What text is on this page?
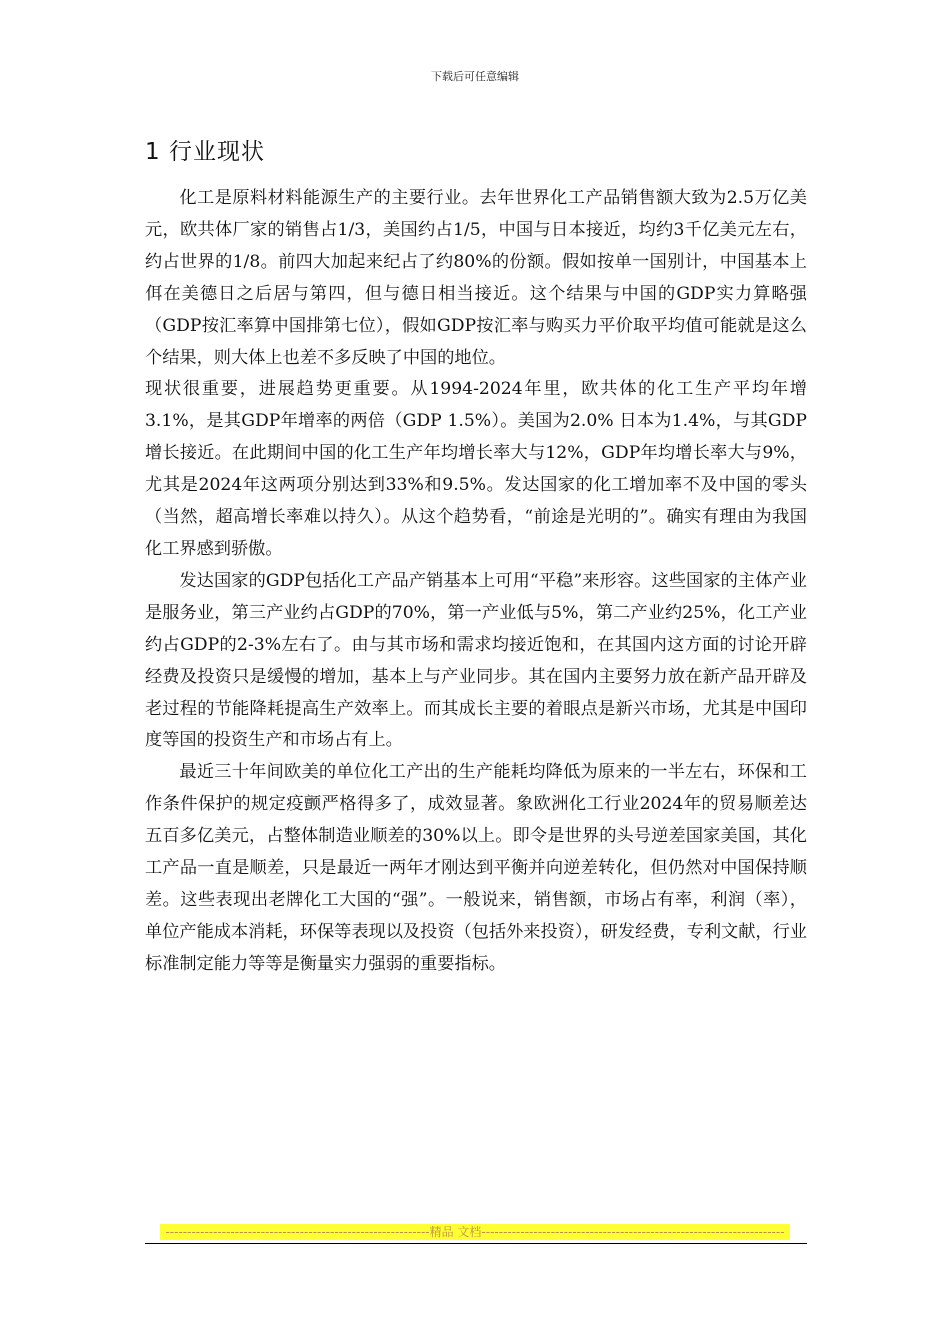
下载后可任意编辑
1 行业现状

化工是原料材料能源生产的主要行业。去年世界化工产品销售额大致为2.5万亿美元，欧共体厂家的销售占1/3，美国约占1/5，中国与日本接近，均约3千亿美元左右，约占世界的1/8。前四大加起来纪占了约80%的份额。假如按单一国别计，中国基本上佴在美德日之后居与第四，但与德日相当接近。这个结果与中国的GDP实力算略强（GDP按汇率算中国排第七位），假如GDP按汇率与购买力平价取平均值可能就是这么个结果，则大体上也差不多反映了中国的地位。

现状很重要，进展趋势更重要。从1994-2024年里，欧共体的化工生产平均年增3.1%，是其GDP年增率的两倍（GDP 1.5%）。美国为2.0% 日本为1.4%，与其GDP增长接近。在此期间中国的化工生产年均增长率大与12%，GDP年均增长率大与9%，尤其是2024年这两项分别达到33%和9.5%。发达国家的化工增加率不及中国的零头（当然，超高增长率难以持久）。从这个趋势看，“前途是光明的”。确实有理由为我国化工界感到骄傲。

发达国家的GDP包括化工产品产销基本上可用“平稳”来形容。这些国家的主体产业是服务业，第三产业约占GDP的70%，第一产业低与5%，第二产业约25%，化工产业约占GDP的2-3%左右了。由与其市场和需求均接近饱和，在其国内这方面的讨论开辟经费及投资只是缓慢的增加，基本上与产业同步。其在国内主要努力放在新产品开辟及老过程的节能降耗提高生产效率上。而其成长主要的着眼点是新兴市场，尤其是中国印度等国的投资生产和市场占有上。

最近三十年间欧美的单位化工产出的生产能耗均降低为原来的一半左右，环保和工作条件保护的规定疫颤严格得多了，成效显著。象欧洲化工行业2024年的贸易顺差达五百多亿美元，占整体制造业顺差的30%以上。即令是世界的头号逆差国家美国，其化工产品一直是顺差，只是最近一两年才刚达到平衡并向逆差转化，但仍然对中国保持顺差。这些表现出老牌化工大国的“强”。一般说来，销售额，市场占有率，利润（率），单位产能成本消耗，环保等表现以及投资（包括外来投资），研发经费，专利文献，行业标准制定能力等等是衡量实力强弱的重要指标。

-------------------------------------------------------------精品 文档----------------------------------------------------------------------
